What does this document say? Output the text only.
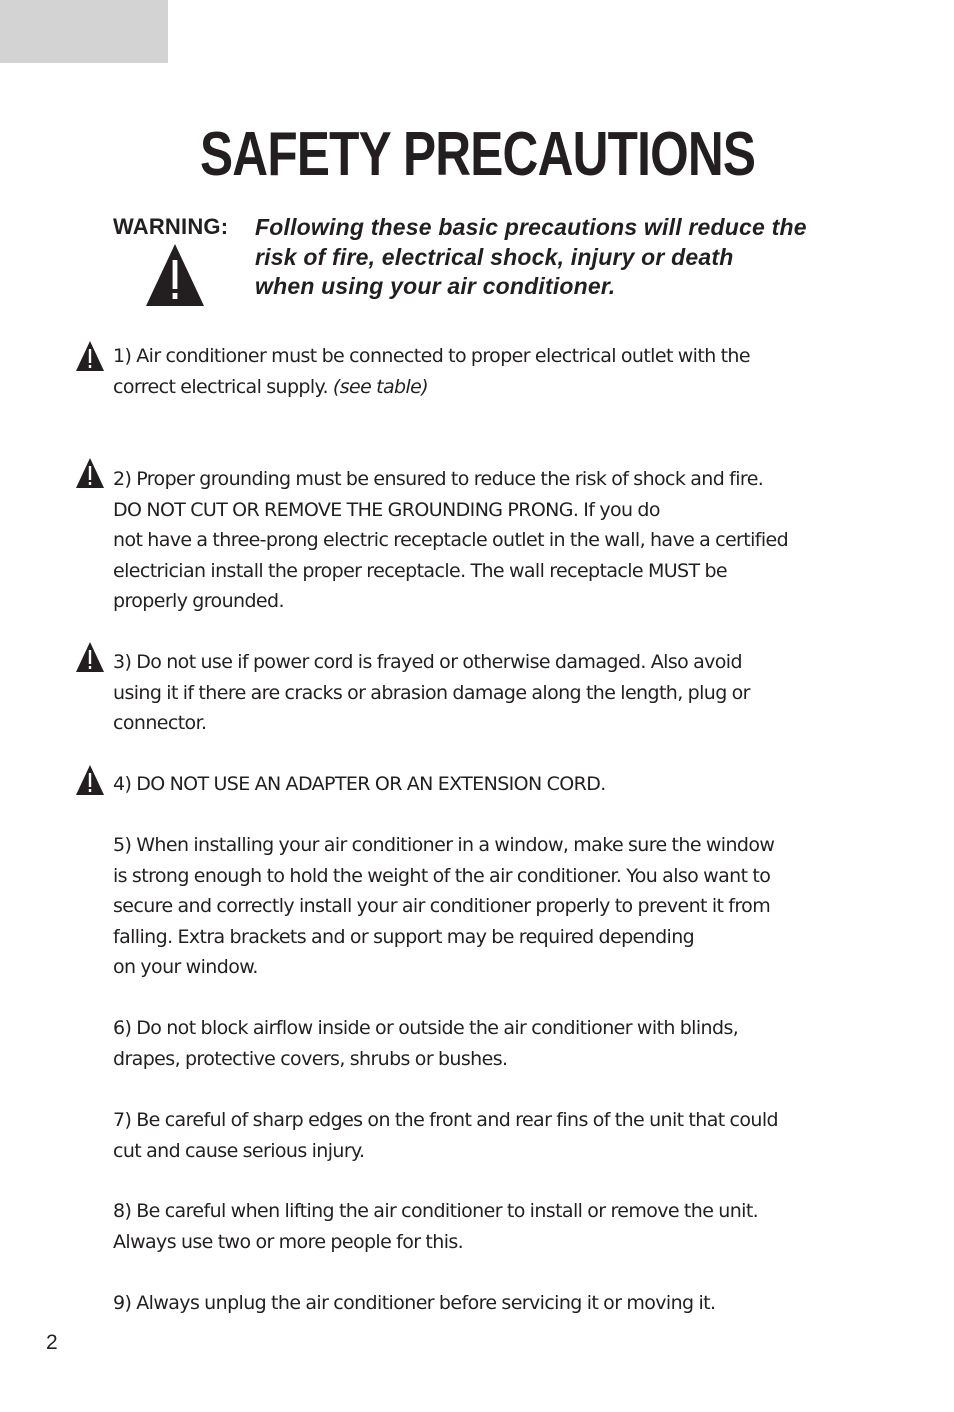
SAFETY PRECAUTIONS
WARNING: Following these basic precautions will reduce the
risk of fire, electrical shock, injury or death
when using your air conditioner.

1) Air conditioner must be connected to proper electrical outlet with the
correct electrical supply. (see table)

2) Proper grounding must be ensured to reduce the risk of shock and fire.
DO NOT CUT OR REMOVE THE GROUNDING PRONG. If you do
not have a three-prong electric receptacle outlet in the wall, have a certified
electrician install the proper receptacle. The wall receptacle MUST be
properly grounded.

3) Do not use if power cord is frayed or otherwise damaged. Also avoid
using it if there are cracks or abrasion damage along the length, plug or
connector.

4) DO NOT USE AN ADAPTER OR AN EXTENSION CORD.

5) When installing your air conditioner in a window, make sure the window
is strong enough to hold the weight of the air conditioner. You also want to
secure and correctly install your air conditioner properly to prevent it from
falling. Extra brackets and or support may be required depending
on your window.

6) Do not block airflow inside or outside the air conditioner with blinds,
drapes, protective covers, shrubs or bushes.

7) Be careful of sharp edges on the front and rear fins of the unit that could
cut and cause serious injury.

8) Be careful when lifting the air conditioner to install or remove the unit.
Always use two or more people for this.

9) Always unplug the air conditioner before servicing it or moving it.

2
